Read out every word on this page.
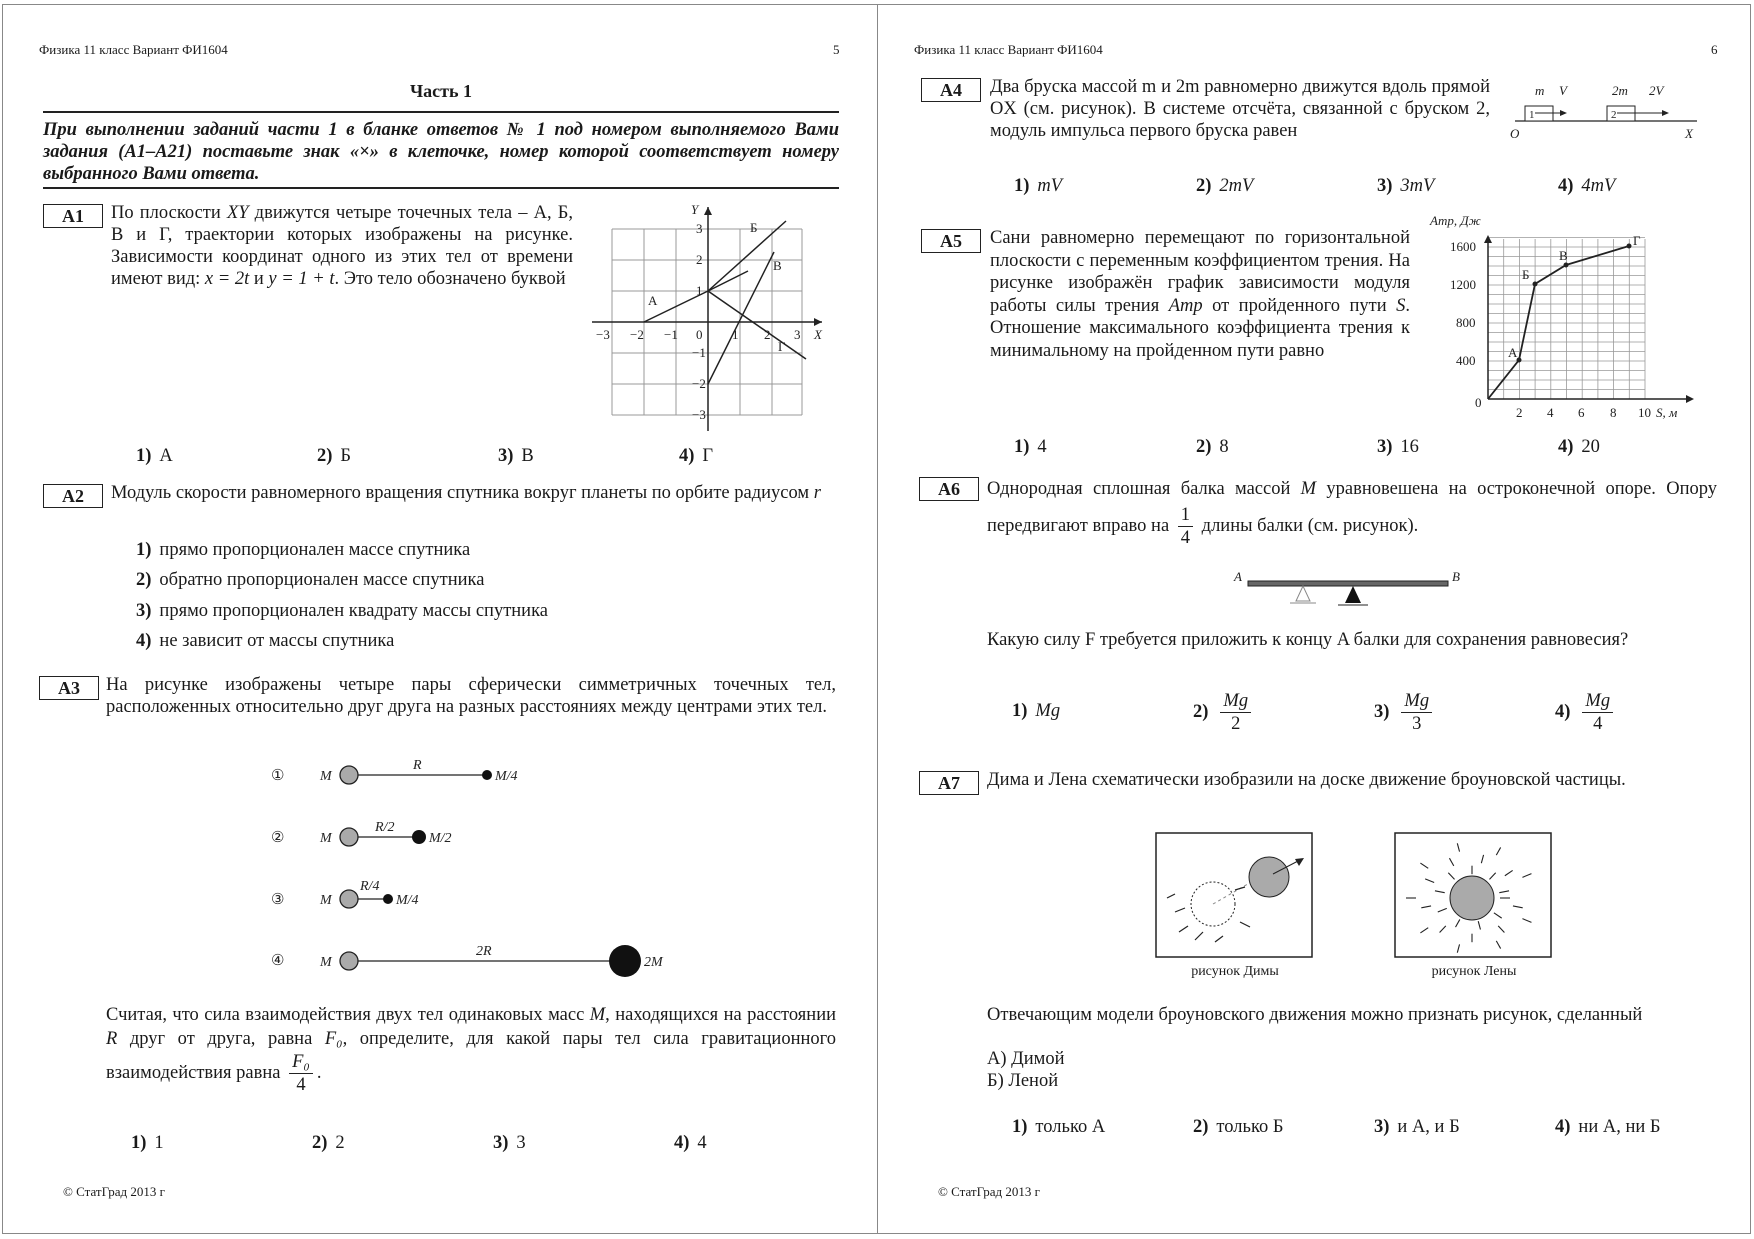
Физика 11 класс Вариант ФИ1604	5
Часть 1
При выполнении заданий части 1 в бланке ответов № 1 под номером выполняемого Вами задания (А1–А21) поставьте знак «×» в клеточке, номер которой соответствует номеру выбранного Вами ответа.
А1	По плоскости XY движутся четыре точечных тела – А, Б, В и Г, траектории которых изображены на рисунке. Зависимости координат одного из этих тел от времени имеют вид: x = 2t и y = 1 + t. Это тело обозначено буквой
X
Y
−3 −2 −1 0 1 2 3
3
2
1
−1
−2
−3
А
Б
В
Г
1) А	2) Б	3) В	4) Г
А2	Модуль скорости равномерного вращения спутника вокруг планеты по орбите радиусом r
1) прямо пропорционален массе спутника
2) обратно пропорционален массе спутника
3) прямо пропорционален квадрату массы спутника
4) не зависит от массы спутника
А3	На рисунке изображены четыре пары сферически симметричных точечных тел, расположенных относительно друг друга на разных расстояниях между центрами этих тел.
①
②
③
④
M
R
M/4
M
R/2
M/2
M
R/4
M/4
M
2R
2M
Считая, что сила взаимодействия двух тел одинаковых масс M, находящихся на расстоянии R друг от друга, равна F₀, определите, для какой пары тел сила гравитационного взаимодействия равна $\frac{\text{F₀}}{4}$ .
1) 1	2) 2	3) 3	4) 4
© СтатГрад 2013 г
Физика 11 класс Вариант ФИ1604	6
А4	Два бруска массой m и 2m равномерно движутся вдоль прямой OX (см. рисунок). В системе отсчёта, связанной с бруском 2, модуль импульса первого бруска равен
m V⃗	2m 2V⃗
O	X
1	2
1) mV	2) 2mV	3) 3mV	4) 4mV
А5	Сани равномерно перемещают по горизонтальной плоскости с переменным коэффициентом трения. На рисунке изображён график зависимости модуля работы силы трения Aтр от пройденного пути S. Отношение максимального коэффициента трения к минимальному на пройденном пути равно
Aтр, Дж
S, м
0
400
800
1200
1600
2 4 6 8 10
А
Б
В
Г
1) 4	2) 8	3) 16	4) 20
А6	Однородная сплошная балка массой M уравновешена на остроконечной опоре. Опору передвигают вправо на $\frac{1}{4}$ длины балки (см. рисунок).
A	B
Какую силу F требуется приложить к концу A балки для сохранения равновесия?
1) Mg	$2) \frac{Mg}{2}$	$3) \frac{Mg}{3}$	$4) \frac{Mg}{4}$
А7	Дима и Лена схематически изобразили на доске движение броуновской частицы.
рисунок Димы	рисунок Лены
Отвечающим модели броуновского движения можно признать рисунок, сделанный
А) Димой
Б) Леной
1) только А	2) только Б	3) и А, и Б	4) ни А, ни Б
© СтатГрад 2013 г
